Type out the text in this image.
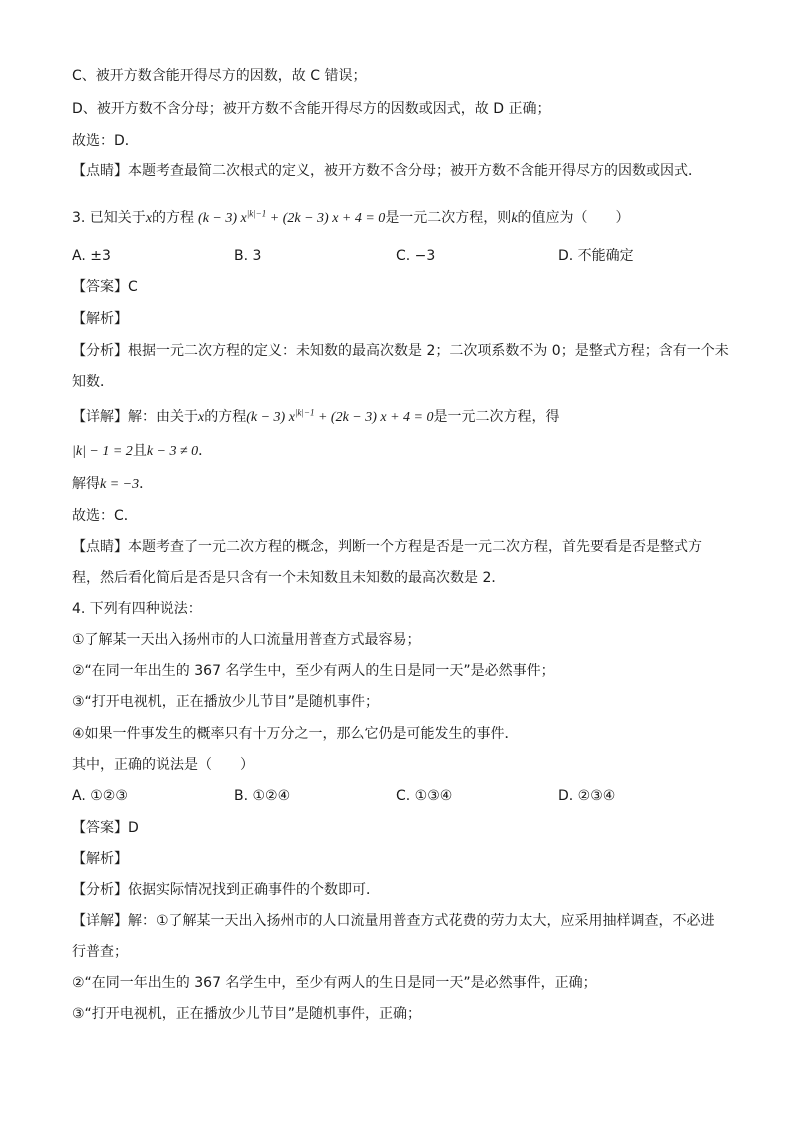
C、被开方数含能开得尽方的因数，故 C 错误；
D、被开方数不含分母；被开方数不含能开得尽方的因数或因式，故 D 正确；
故选：D．
【点睛】本题考查最简二次根式的定义，被开方数不含分母；被开方数不含能开得尽方的因数或因式．
3. 已知关于x的方程 (k − 3) $x^{|k|-1} + (2k - 3) x + 4 = 0$是一元二次方程，则k的值应为（　　）
A. ±3	B. 3	C. −3	D. 不能确定
【答案】C
【解析】
【分析】根据一元二次方程的定义：未知数的最高次数是 2；二次项系数不为 0；是整式方程；含有一个未
知数．
【详解】解：由关于x的方程(k − 3) $x^{|k|-1} + (2k - 3) x + 4 = 0$是一元二次方程，得
|k| − 1 = 2且k − 3 ≠ 0．
解得k = −3．
故选：C．
【点睛】本题考查了一元二次方程的概念，判断一个方程是否是一元二次方程，首先要看是否是整式方
程，然后看化简后是否是只含有一个未知数且未知数的最高次数是 2．
4. 下列有四种说法：
①了解某一天出入扬州市的人口流量用普查方式最容易；
②“在同一年出生的 367 名学生中，至少有两人的生日是同一天”是必然事件；
③“打开电视机，正在播放少儿节目”是随机事件；
④如果一件事发生的概率只有十万分之一，那么它仍是可能发生的事件．
其中，正确的说法是（　　）
A. ①②③	B. ①②④	C. ①③④	D. ②③④
【答案】D
【解析】
【分析】依据实际情况找到正确事件的个数即可．
【详解】解：①了解某一天出入扬州市的人口流量用普查方式花费的劳力太大，应采用抽样调查，不必进
行普查；
②“在同一年出生的 367 名学生中，至少有两人的生日是同一天”是必然事件，正确；
③“打开电视机，正在播放少儿节目”是随机事件，正确；
